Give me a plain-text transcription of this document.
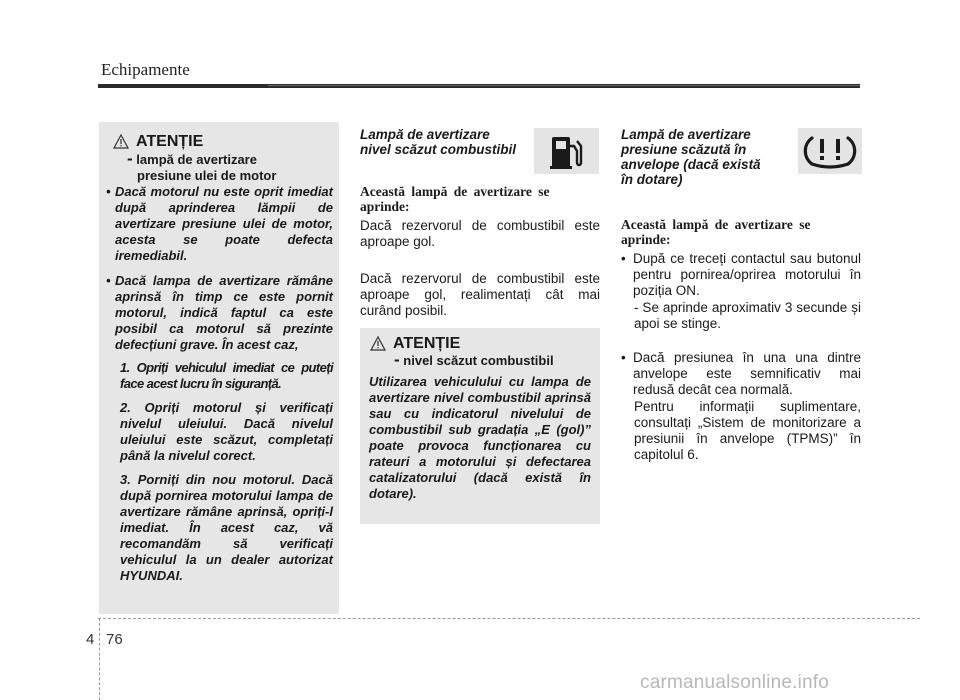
Echipamente
ATENȚIE
- lampă de avertizare
presiune ulei de motor
• Dacă motorul nu este oprit imediat după aprinderea lămpii de avertizare presiune ulei de motor, acesta se poate defecta iremediabil.
• Dacă lampa de avertizare rămâne aprinsă în timp ce este pornit motorul, indică faptul ca este posibil ca motorul să prezinte defecțiuni grave. În acest caz,
1. Opriți vehiculul imediat ce puteți face acest lucru în siguranță.
2. Opriți motorul și verificați nivelul uleiului. Dacă nivelul uleiului este scăzut, completați până la nivelul corect.
3. Porniți din nou motorul. Dacă după pornirea motorului lampa de avertizare rămâne aprinsă, opriți-l imediat. În acest caz, vă recomandăm să verificați vehiculul la un dealer autorizat HYUNDAI.
Lampă de avertizare
nivel scăzut combustibil
Această lampă de avertizare se aprinde:
Dacă rezervorul de combustibil este aproape gol.
Dacă rezervorul de combustibil este aproape gol, realimentați cât mai curând posibil.
ATENȚIE
- nivel scăzut combustibil
Utilizarea vehiculului cu lampa de avertizare nivel combustibil aprinsă sau cu indicatorul nivelului de combustibil sub gradația „E (gol)” poate provoca funcționarea cu rateuri a motorului și defectarea catalizatorului (dacă există în dotare).
Lampă de avertizare
presiune scăzută în
anvelope (dacă există
în dotare)
Această lampă de avertizare se aprinde:
• După ce treceți contactul sau butonul pentru pornirea/oprirea motorului în poziția ON.
- Se aprinde aproximativ 3 secunde și apoi se stinge.
• Dacă presiunea în una una dintre anvelope este semnificativ mai redusă decât cea normală.
Pentru informații suplimentare, consultați „Sistem de monitorizare a presiunii în anvelope (TPMS)” în capitolul 6.
4 76
carmanualsonline.info
